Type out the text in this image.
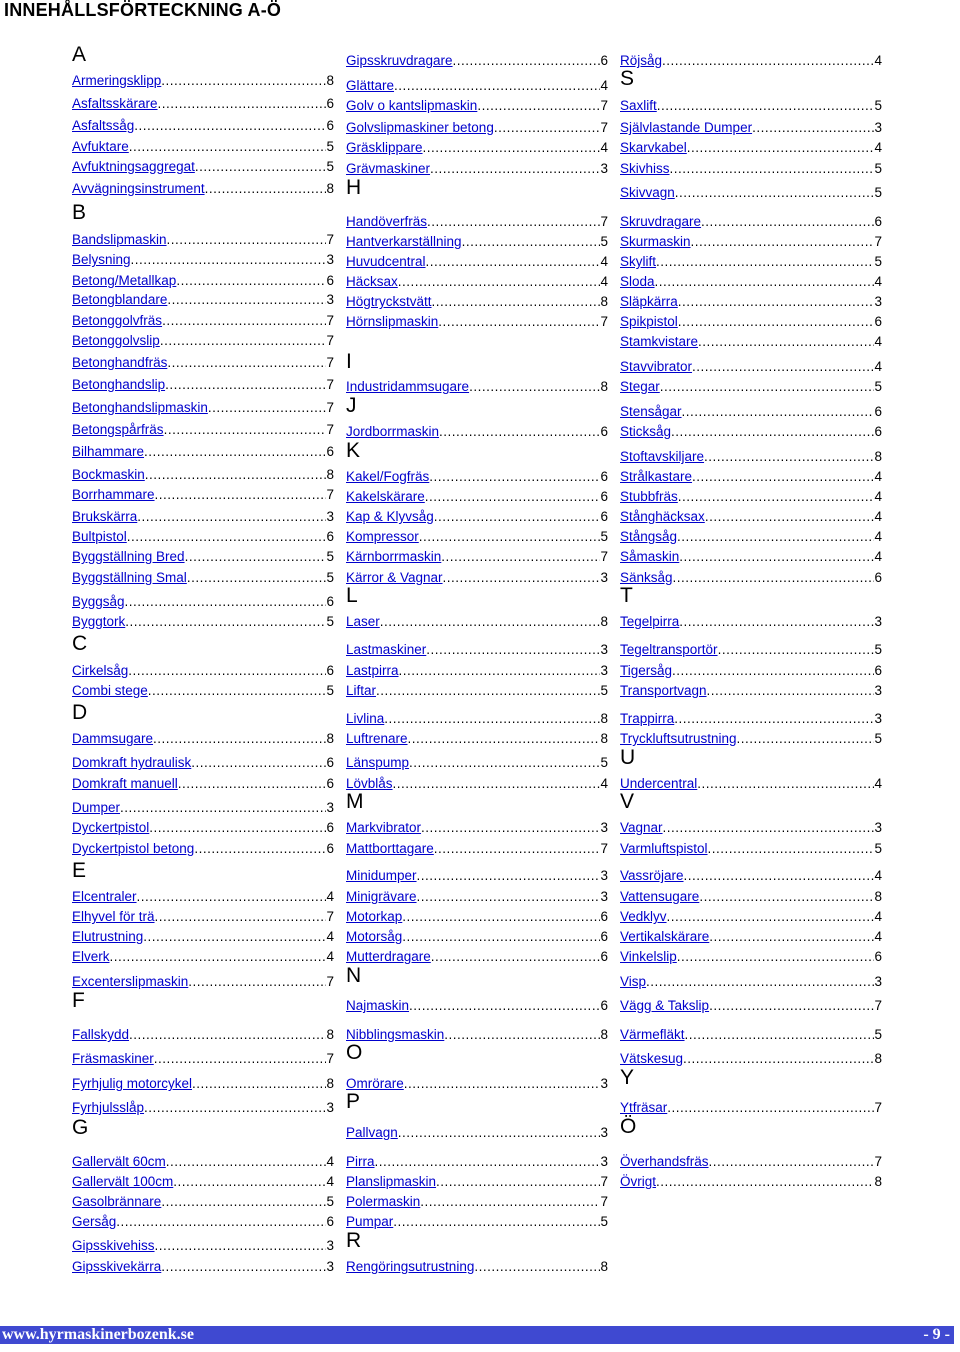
INNEHÅLLSFÖRTECKNING A-Ö
A
Armeringsklipp .....	8
Asfaltsskärare .....	6
Asfaltssåg .....	6
Avfuktare .....	5
Avfuktningsaggregat .....	5
Avvägningsinstrument .....	8
B
Bandslipmaskin .....	7
Belysning .....	3
Betong/Metallkap .....	6
Betongblandare .....	3
Betonggolvfräs .....	7
Betonggolvslip .....	7
Betonghandfräs .....	7
Betonghandslip .....	7
Betonghandslipmaskin .....	7
Betongspårfräs .....	7
Bilhammare .....	6
Bockmaskin .....	8
Borrhammare .....	7
Brukskärra .....	3
Bultpistol .....	6
Byggställning Bred .....	5
Byggställning Smal .....	5
Byggsåg .....	6
Byggtork .....	5
C
Cirkelsåg .....	6
Combi stege .....	5
D
Dammsugare .....	8
Domkraft hydraulisk .....	6
Domkraft manuell .....	6
Dumper .....	3
Dyckertpistol .....	6
Dyckertpistol betong .....	6
E
Elcentraler .....	4
Elhyvel för trä .....	7
Elutrustning .....	4
Elverk .....	4
Excenterslipmaskin .....	7
F
Fallskydd .....	8
Fräsmaskiner .....	7
Fyrhjulig motorcykel .....	8
Fyrhjulsslåp .....	3
G
Gallervält 60cm .....	4
Gallervält 100cm .....	4
Gasolbrännare .....	5
Gersåg .....	6
Gipsskivehiss .....	3
Gipsskivekärra .....	3
Gipsskruvdragare .....	6
Glättare .....	4
Golv o kantslipmaskin .....	7
Golvslipmaskiner betong .....	7
Gräsklippare .....	4
Grävmaskiner .....	3
H
Handöverfräs .....	7
Hantverkarställning .....	5
Huvudcentral .....	4
Häcksax .....	4
Högtryckstvätt .....	8
Hörnslipmaskin .....	7
I
Industridammsugare .....	8
J
Jordborrmaskin .....	6
K
Kakel/Fogfräs .....	6
Kakelskärare .....	6
Kap & Klyvsåg .....	6
Kompressor .....	5
Kärnborrmaskin .....	7
Kärror & Vagnar .....	3
L
Laser .....	8
Lastmaskiner .....	3
Lastpirra .....	3
Liftar .....	5
Livlina .....	8
Luftrenare .....	8
Länspump .....	5
Lövblås .....	4
M
Markvibrator .....	3
Mattborttagare .....	7
Minidumper .....	3
Minigrävare .....	3
Motorkap .....	6
Motorsåg .....	6
Mutterdragare .....	6
N
Najmaskin .....	6
Nibblingsmaskin .....	8
O
Omrörare .....	3
P
Pallvagn .....	3
Pirra .....	3
Planslipmaskin .....	7
Polermaskin .....	7
Pumpar .....	5
R
Rengöringsutrustning .....	8
Röjsåg .....	4
S
Saxlift .....	5
Självlastande Dumper .....	3
Skarvkabel .....	4
Skivhiss .....	5
Skivvagn .....	5
Skruvdragare .....	6
Skurmaskin .....	7
Skylift .....	5
Sloda .....	4
Släpkärra .....	3
Spikpistol .....	6
Stamkvistare .....	4
Stavvibrator .....	4
Stegar .....	5
Stensågar .....	6
Sticksåg .....	6
Stoftavskiljare .....	8
Strålkastare .....	4
Stubbfräs .....	4
Stånghäcksax .....	4
Stångsåg .....	4
Såmaskin .....	4
Sänksåg .....	6
T
Tegelpirra .....	3
Tegeltransportör .....	5
Tigersåg .....	6
Transportvagn .....	3
Trappirra .....	3
Tryckluftsutrustning .....	5
U
Undercentral .....	4
V
Vagnar .....	3
Varmluftspistol .....	5
Vassröjare .....	4
Vattensugare .....	8
Vedklyv .....	4
Vertikalskärare .....	4
Vinkelslip .....	6
Visp .....	3
Vägg & Takslip .....	7
Värmefläkt .....	5
Vätskesug .....	8
Y
Ytfräsar .....	7
Ö
Överhandsfräs .....	7
Övrigt .....	8
www.hyrmaskinerbozenk.se	- 9 -
